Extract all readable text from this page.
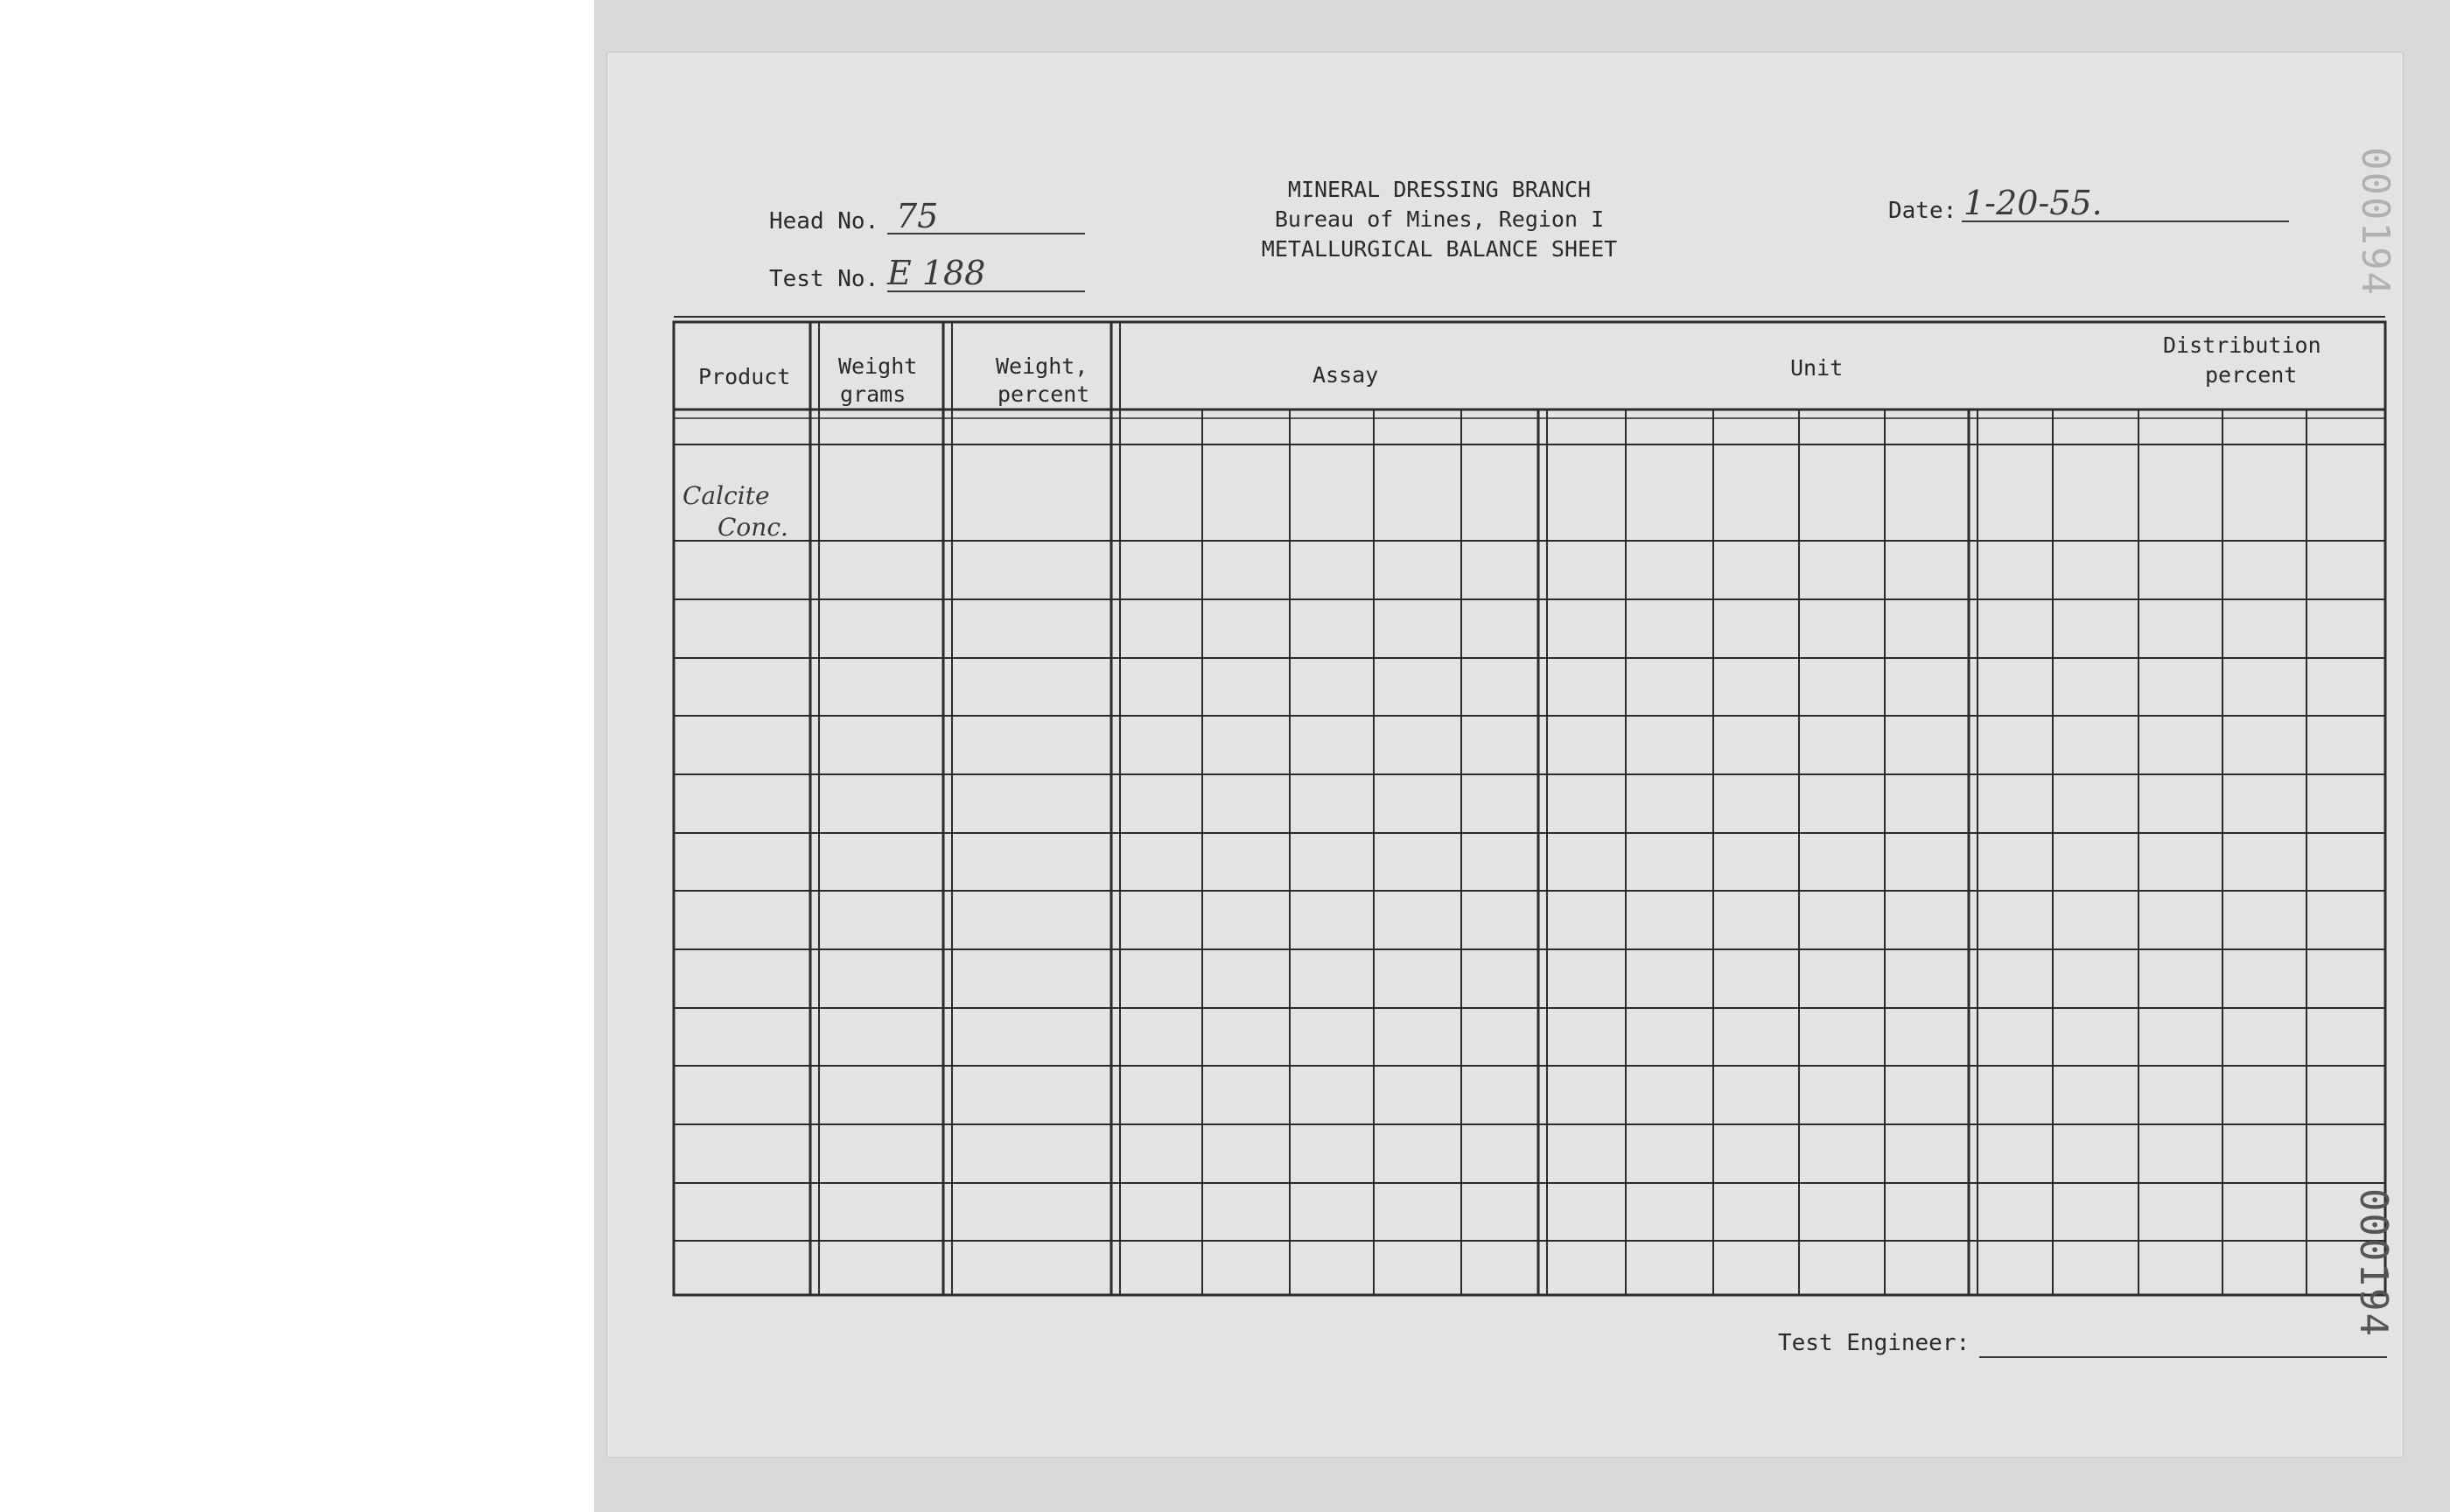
MINERAL DRESSING BRANCH
Bureau of Mines, Region I
METALLURGICAL BALANCE SHEET
Head No. 75
Test No. E 188
Date: 1-20-55.
Product Weight
grams
Weight,
percent
Assay	Unit
Distribution
percent
Calcite
Conc.
Test Engineer:
000194
000194
